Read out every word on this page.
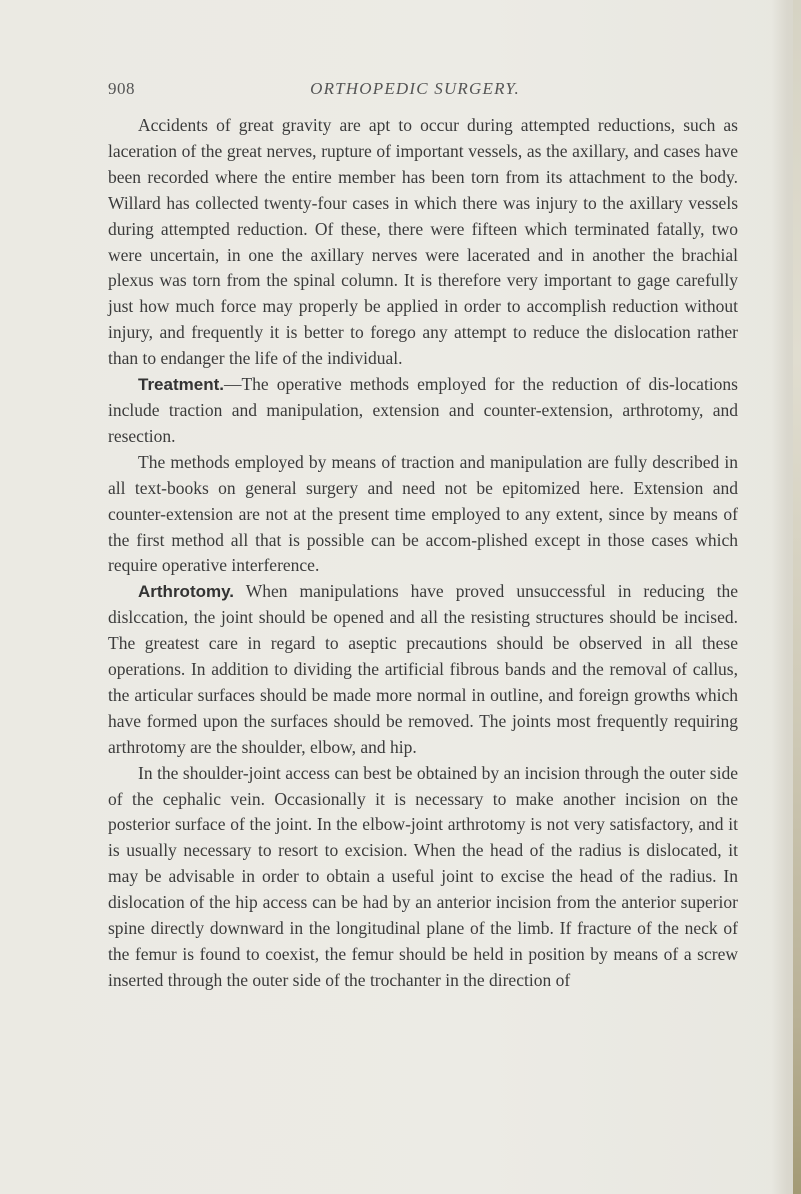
908	ORTHOPEDIC SURGERY.

Accidents of great gravity are apt to occur during attempted reductions, such as laceration of the great nerves, rupture of important vessels, as the axillary, and cases have been recorded where the entire member has been torn from its attachment to the body. Willard has collected twenty-four cases in which there was injury to the axillary vessels during attempted reduction. Of these, there were fifteen which terminated fatally, two were uncertain, in one the axillary nerves were lacerated and in another the brachial plexus was torn from the spinal column. It is therefore very important to gage carefully just how much force may properly be applied in order to accomplish reduction without injury, and frequently it is better to forego any attempt to reduce the dislocation rather than to endanger the life of the individual.

Treatment.—The operative methods employed for the reduction of dis-locations include traction and manipulation, extension and counter-extension, arthrotomy, and resection.

The methods employed by means of traction and manipulation are fully described in all text-books on general surgery and need not be epitomized here. Extension and counter-extension are not at the present time employed to any extent, since by means of the first method all that is possible can be accom-plished except in those cases which require operative interference.

Arthrotomy. When manipulations have proved unsuccessful in reducing the dislccation, the joint should be opened and all the resisting structures should be incised. The greatest care in regard to aseptic precautions should be observed in all these operations. In addition to dividing the artificial fibrous bands and the removal of callus, the articular surfaces should be made more normal in outline, and foreign growths which have formed upon the surfaces should be removed. The joints most frequently requiring arthrotomy are the shoulder, elbow, and hip.

In the shoulder-joint access can best be obtained by an incision through the outer side of the cephalic vein. Occasionally it is necessary to make another incision on the posterior surface of the joint. In the elbow-joint arthrotomy is not very satisfactory, and it is usually necessary to resort to excision. When the head of the radius is dislocated, it may be advisable in order to obtain a useful joint to excise the head of the radius. In dislocation of the hip access can be had by an anterior incision from the anterior superior spine directly downward in the longitudinal plane of the limb. If fracture of the neck of the femur is found to coexist, the femur should be held in position by means of a screw inserted through the outer side of the trochanter in the direction of
